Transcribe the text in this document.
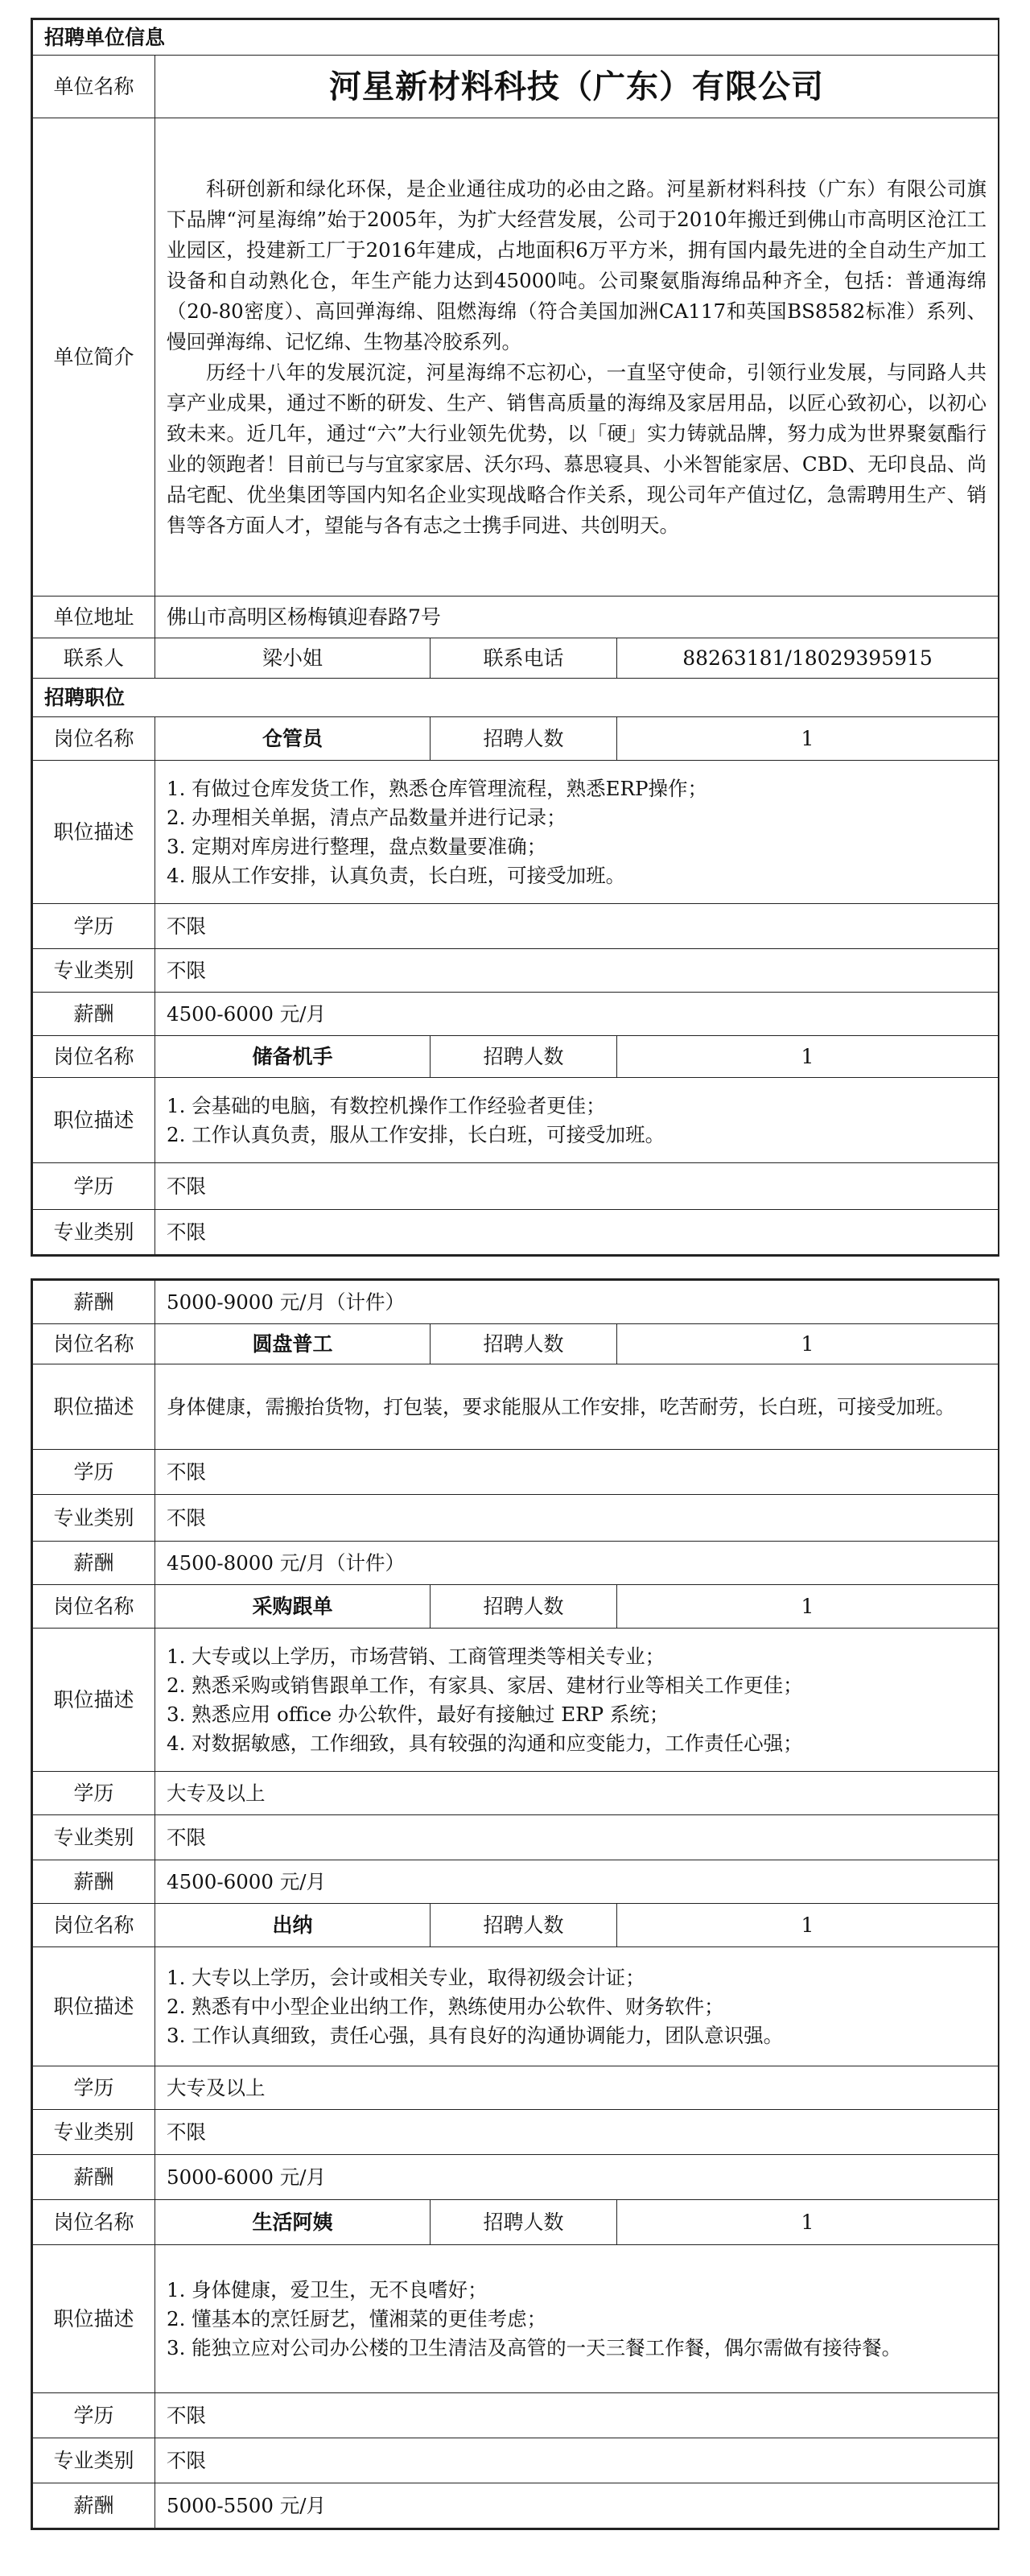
招聘单位信息			
单位名称	河星新材料科技（广东）有限公司		
单位简介	科研创新和绿化环保，是企业通往成功的必由之路。河星新材料科技（广东）有限公司旗下品牌“河星海绵”始于2005年，为扩大经营发展，公司于2010年搬迁到佛山市高明区沧江工业园区，投建新工厂于2016年建成，占地面积6万平方米，拥有国内最先进的全自动生产加工设备和自动熟化仓，年生产能力达到45000吨。公司聚氨脂海绵品种齐全，包括：普通海绵（20-80密度）、高回弹海绵、阻燃海绵（符合美国加洲CA117和英国BS8582标准）系列、慢回弹海绵、记忆绵、生物基冷胶系列。

历经十八年的发展沉淀，河星海绵不忘初心，一直坚守使命，引领行业发展，与同路人共享产业成果，通过不断的研发、生产、销售高质量的海绵及家居用品，以匠心致初心，以初心致未来。近几年，通过“六”大行业领先优势，以「硬」实力铸就品牌，努力成为世界聚氨酯行业的领跑者！目前已与与宜家家居、沃尔玛、慕思寝具、小米智能家居、CBD、无印良品、尚品宅配、优坐集团等国内知名企业实现战略合作关系，现公司年产值过亿，急需聘用生产、销售等各方面人才，望能与各有志之士携手同进、共创明天。		

单位地址	佛山市高明区杨梅镇迎春路7号		
联系人	梁小姐	联系电话	88263181/18029395915
招聘职位			
岗位名称	仓管员	招聘人数	1
职位描述	1. 有做过仓库发货工作，熟悉仓库管理流程，熟悉ERP操作；
2. 办理相关单据，清点产品数量并进行记录；
3. 定期对库房进行整理，盘点数量要准确；
4. 服从工作安排，认真负责，长白班，可接受加班。		

学历	不限		
专业类别	不限		
薪酬	4500-6000 元/月		
岗位名称	储备机手	招聘人数	1
职位描述	1. 会基础的电脑，有数控机操作工作经验者更佳；
2. 工作认真负责，服从工作安排，长白班，可接受加班。		

学历	不限		
专业类别	不限		
薪酬	5000-9000 元/月（计件）		
岗位名称	圆盘普工	招聘人数	1
职位描述	身体健康，需搬抬货物，打包装，要求能服从工作安排，吃苦耐劳，长白班，可接受加班。		

学历	不限		
专业类别	不限		
薪酬	4500-8000 元/月（计件）		
岗位名称	采购跟单	招聘人数	1
职位描述	1. 大专或以上学历，市场营销、工商管理类等相关专业；
2. 熟悉采购或销售跟单工作，有家具、家居、建材行业等相关工作更佳；
3. 熟悉应用 office 办公软件，最好有接触过 ERP 系统；
4. 对数据敏感，工作细致，具有较强的沟通和应变能力，工作责任心强；		

学历	大专及以上		
专业类别	不限		
薪酬	4500-6000 元/月		
岗位名称	出纳	招聘人数	1
职位描述	1. 大专以上学历，会计或相关专业，取得初级会计证；
2. 熟悉有中小型企业出纳工作，熟练使用办公软件、财务软件；
3. 工作认真细致，责任心强，具有良好的沟通协调能力，团队意识强。		

学历	大专及以上		
专业类别	不限		
薪酬	5000-6000 元/月		
岗位名称	生活阿姨	招聘人数	1
职位描述	1. 身体健康，爱卫生，无不良嗜好；
2. 懂基本的烹饪厨艺，懂湘菜的更佳考虑；
3. 能独立应对公司办公楼的卫生清洁及高管的一天三餐工作餐，偶尔需做有接待餐。		

学历	不限		
专业类别	不限		
薪酬	5000-5500 元/月		
